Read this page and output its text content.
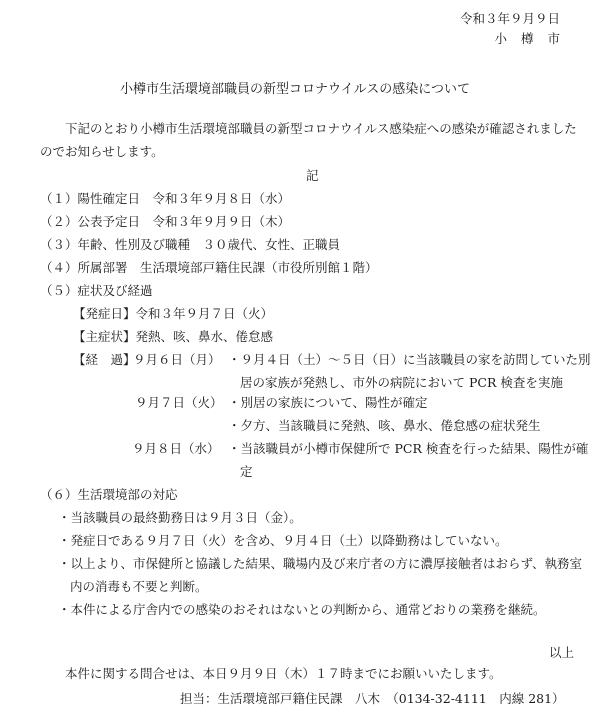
令和３年９月９日
小樽市
小樽市生活環境部職員の新型コロナウイルスの感染について
下記のとおり小樽市生活環境部職員の新型コロナウイルス感染症への感染が確認されました
のでお知らせします。
記
（１）陽性確定日　令和３年９月８日（水）
（２）公表予定日　令和３年９月９日（木）
（３）年齢、性別及び職種　３０歳代、女性、正職員
（４）所属部署　生活環境部戸籍住民課（市役所別館１階）
（５）症状及び経過
【発症日】令和３年９月７日（火）
【主症状】発熱、咳、鼻水、倦怠感
【経　過】
９月６日（月） ・９月４日（土）～５日（日）に当該職員の家を訪問していた別
居の家族が発熱し、市外の病院において PCR 検査を実施
９月７日（火） ・別居の家族について、陽性が確定
・夕方、当該職員に発熱、咳、鼻水、倦怠感の症状発生
９月８日（水） ・当該職員が小樽市保健所で PCR 検査を行った結果、陽性が確
定
（６）生活環境部の対応
・当該職員の最終勤務日は９月３日（金）。
・発症日である９月７日（火）を含め、９月４日（土）以降勤務はしていない。
・以上より、市保健所と協議した結果、職場内及び来庁者の方に濃厚接触者はおらず、執務室
内の消毒も不要と判断。
・本件による庁舎内での感染のおそれはないとの判断から、通常どおりの業務を継続。
以上
本件に関する問合せは、本日９月９日（木）１７時までにお願いいたします。
担当：生活環境部戸籍住民課　八木　（0134-32-4111　内線 281）
